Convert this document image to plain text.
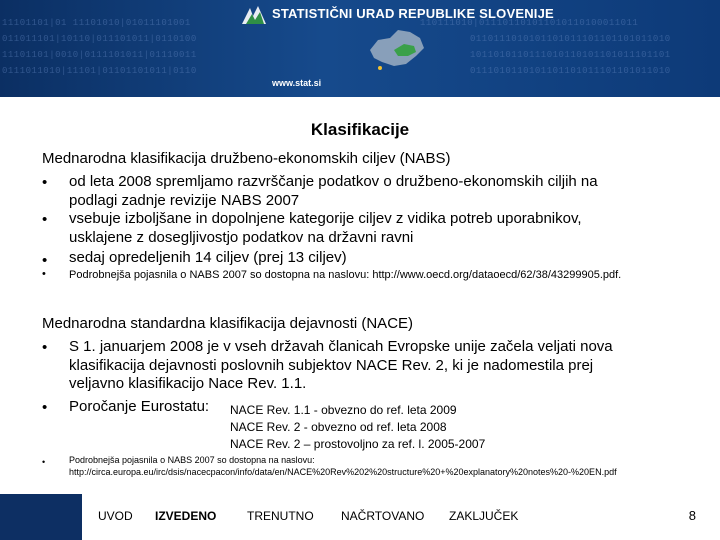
11101101|01 11101010|01011101001
011011101|10110|011101011|0110100
11101101|0010|0111101011|01110011
0111011010|11101|01101101011|0110
110111010|011101101011010110100011011
0110111010101101011101101101011010
1011010110111010110101101011101101
0111010110101101101011101101011010
STATISTIČNI URAD REPUBLIKE SLOVENIJE
www.stat.si
Klasifikacije
Mednarodna klasifikacija družbeno-ekonomskih ciljev (NABS)
• od leta 2008 spremljamo razvrščanje podatkov o družbeno-ekonomskih ciljih na
podlagi zadnje revizije NABS 2007
• vsebuje izboljšane in dopolnjene kategorije ciljev z vidika potreb uporabnikov,
usklajene z dosegljivostjo podatkov na državni ravni
• sedaj opredeljenih 14 ciljev (prej 13 ciljev)
• Podrobnejša pojasnila o NABS 2007 so dostopna na naslovu: http://www.oecd.org/dataoecd/62/38/43299905.pdf.
Mednarodna standardna klasifikacija dejavnosti (NACE)
• S 1. januarjem 2008 je v vseh državah članicah Evropske unije začela veljati nova
klasifikacija dejavnosti poslovnih subjektov NACE Rev. 2, ki je nadomestila prej
veljavno klasifikacijo Nace Rev. 1.1.
• Poročanje Eurostatu: NACE Rev. 1.1 - obvezno do ref. leta 2009
NACE Rev. 2 - obvezno od ref. leta 2008
NACE Rev. 2 – prostovoljno za ref. l. 2005-2007
•	Podrobnejša pojasnila o NABS 2007 so dostopna na naslovu:
http://circa.europa.eu/irc/dsis/nacecpacon/info/data/en/NACE%20Rev%202%20structure%20+%20explanatory%20notes%20-%20EN.pdf
UVOD IZVEDENO	TRENUTNO NAČRTOVANO ZAKLJUČEK	8
